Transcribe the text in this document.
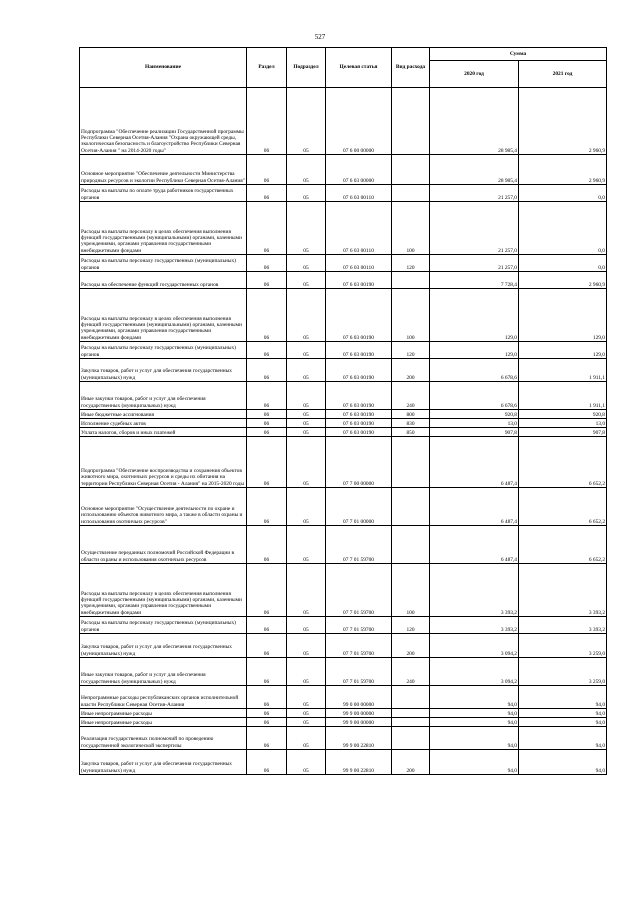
527
Наименование	Раздел	Подраздел	Целевая статья	Вид расхода	Сумма	
					2020 год	2021 год
Подпрограмма "Обеспечение реализации Государственной программы Республики Северная Осетия-Алания "Охрана окружающей среды, экологическая безопасность и благоустройство Республики Северная Осетия-Алания " на 2014-2020 годы"	06	05	07 6 00 00000		28 985,4	2 960,9
Основное мероприятие "Обеспечение деятельности Министерства природных ресурсов и экологии Республики Северная Осетия-Алания"	06	05	07 6 03 00000		28 985,4	2 960,9
Расходы на выплаты по оплате труда работников государственных органов	06	05	07 6 03 00110		21 257,0	0,0
Расходы на выплаты персоналу в целях обеспечения выполнения функций государственными (муниципальными) органами, казенными учреждениями, органами управления государственными внебюджетными фондами	06	05	07 6 03 00110	100	21 257,0	0,0
Расходы на выплаты персоналу государственных (муниципальных) органов	06	05	07 6 03 00110	120	21 257,0	0,0
Расходы на обеспечение функций государственных органов	06	05	07 6 03 00190		7 728,4	2 960,9
Расходы на выплаты персоналу в целях обеспечения выполнения функций государственными (муниципальными) органами, казенными учреждениями, органами управления государственными внебюджетными фондами	06	05	07 6 03 00190	100	129,0	129,0
Расходы на выплаты персоналу государственных (муниципальных) органов	06	05	07 6 03 00190	120	129,0	129,0
Закупка товаров, работ и услуг для обеспечения государственных (муниципальных) нужд	06	05	07 6 03 00190	200	6 678,6	1 911,1
Иные закупки товаров, работ и услуг для обеспечения государственных (муниципальных) нужд	06	05	07 6 03 00190	240	6 678,6	1 911,1
Иные бюджетные ассигнования	06	05	07 6 03 00190	800	920,8	920,8
Исполнение судебных актов	06	05	07 6 03 00190	830	13,0	13,0
Уплата налогов, сборов и иных платежей	06	05	07 6 03 00190	850	907,8	907,8
Подпрограмма "Обеспечение воспроизводства и сохранения объектов животного мира, охотничьих ресурсов и среды их обитания на территории Республики Северная Осетия - Алания" на 2015-2020 годы	06	05	07 7 00 00000		6 487,4	6 652,2
Основное мероприятие "Осуществление деятельности по охране и использованию объектов животного мира, а также в области охраны и использования охотничьих ресурсов"	06	05	07 7 01 00000		6 487,4	6 652,2
Осуществление переданных полномочий Российской Федерации в области охраны и использования охотничьих ресурсов	06	05	07 7 01 59700		6 487,4	6 652,2
Расходы на выплаты персоналу в целях обеспечения выполнения функций государственными (муниципальными) органами, казенными учреждениями, органами управления государственными внебюджетными фондами	06	05	07 7 01 59700	100	3 393,2	3 393,2
Расходы на выплаты персоналу государственных (муниципальных) органов	06	05	07 7 01 59700	120	3 393,2	3 393,2
Закупка товаров, работ и услуг для обеспечения государственных (муниципальных) нужд	06	05	07 7 01 59700	200	3 094,2	3 259,0
Иные закупки товаров, работ и услуг для обеспечения государственных (муниципальных) нужд	06	05	07 7 01 59700	240	3 094,2	3 259,0
Непрограммные расходы республиканских органов исполнительной власти Республики Северная Осетия-Алания	06	05	99 0 00 00000		94,0	94,0
Иные непрограммные расходы	06	05	99 9 00 00000		94,0	94,0
Иные непрограммные расходы	06	05	99 9 00 00000		94,0	94,0
Реализация государственных полномочий по проведению государственной экологической экспертизы	06	05	99 9 00 22810		94,0	94,0
Закупка товаров, работ и услуг для обеспечения государственных (муниципальных) нужд	06	05	99 9 00 22810	200	94,0	94,0
